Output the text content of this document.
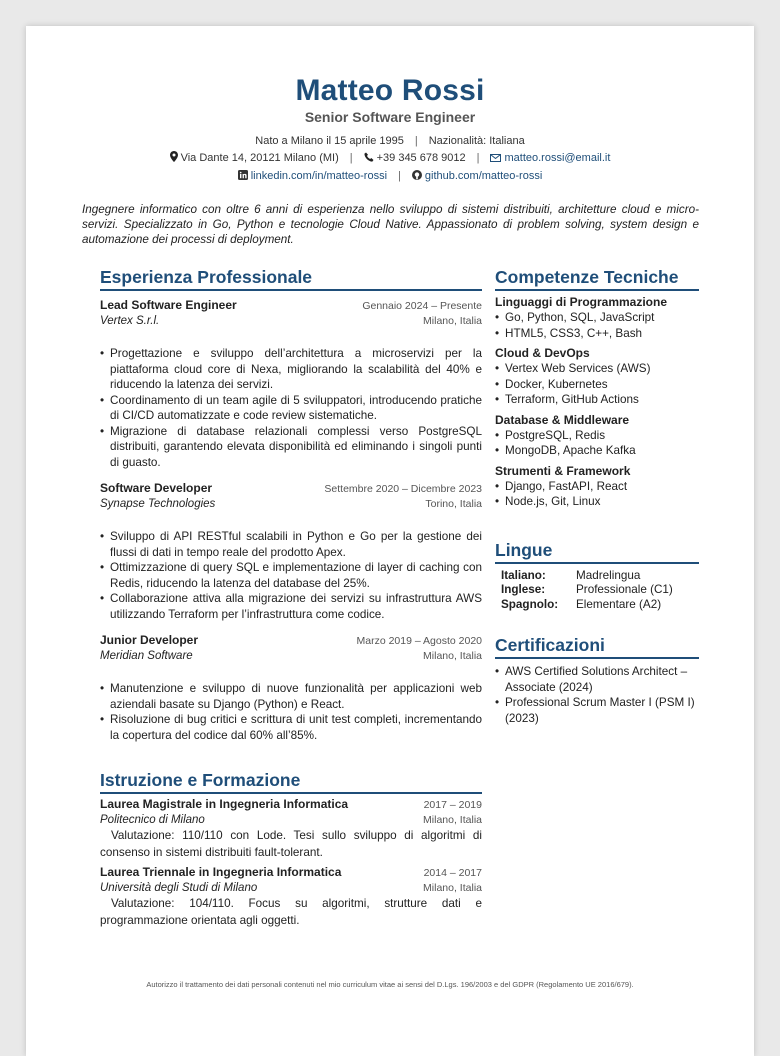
Matteo Rossi
Senior Software Engineer
Nato a Milano il 15 aprile 1995 | Nazionalità: Italiana
Via Dante 14, 20121 Milano (MI) | +39 345 678 9012 | matteo.rossi@email.it
linkedin.com/in/matteo-rossi | github.com/matteo-rossi
Ingegnere informatico con oltre 6 anni di esperienza nello sviluppo di sistemi distribuiti, architetture cloud e micro-servizi. Specializzato in Go, Python e tecnologie Cloud Native. Appassionato di problem solving, system design e automazione dei processi di deployment.
Esperienza Professionale
Lead Software Engineer	Gennaio 2024 – Presente
Vertex S.r.l.	Milano, Italia
• Progettazione e sviluppo dell’architettura a microservizi per la piattaforma cloud core di Nexa, migliorando la scalabilità del 40% e riducendo la latenza dei servizi.
• Coordinamento di un team agile di 5 sviluppatori, introducendo pratiche di CI/CD automatizzate e code review sistematiche.
• Migrazione di database relazionali complessi verso PostgreSQL distribuiti, garantendo elevata disponibilità ed eliminando i singoli punti di guasto.
Software Developer	Settembre 2020 – Dicembre 2023
Synapse Technologies	Torino, Italia
• Sviluppo di API RESTful scalabili in Python e Go per la gestione dei flussi di dati in tempo reale del prodotto Apex.
• Ottimizzazione di query SQL e implementazione di layer di caching con Redis, riducendo la latenza del database del 25%.
• Collaborazione attiva alla migrazione dei servizi su infrastruttura AWS utilizzando Terraform per l’infrastruttura come codice.
Junior Developer	Marzo 2019 – Agosto 2020
Meridian Software	Milano, Italia
• Manutenzione e sviluppo di nuove funzionalità per applicazioni web aziendali basate su Django (Python) e React.
• Risoluzione di bug critici e scrittura di unit test completi, incrementando la copertura del codice dal 60% all’85%.
Istruzione e Formazione
Laurea Magistrale in Ingegneria Informatica	2017 – 2019
Politecnico di Milano	Milano, Italia
Valutazione: 110/110 con Lode. Tesi sullo sviluppo di algoritmi di consenso in sistemi distribuiti fault-tolerant.
Laurea Triennale in Ingegneria Informatica	2014 – 2017
Università degli Studi di Milano	Milano, Italia
Valutazione: 104/110. Focus su algoritmi, strutture dati e programmazione orientata agli oggetti.
Competenze Tecniche
Linguaggi di Programmazione
• Go, Python, SQL, JavaScript
• HTML5, CSS3, C++, Bash
Cloud & DevOps
• Vertex Web Services (AWS)
• Docker, Kubernetes
• Terraform, GitHub Actions
Database & Middleware
• PostgreSQL, Redis
• MongoDB, Apache Kafka
Strumenti & Framework
• Django, FastAPI, React
• Node.js, Git, Linux
Lingue
Italiano:	Madrelingua
Inglese:	Professionale (C1)
Spagnolo:	Elementare (A2)
Certificazioni
• AWS Certified Solutions Architect – Associate (2024)
• Professional Scrum Master I (PSM I) (2023)
Autorizzo il trattamento dei dati personali contenuti nel mio curriculum vitae ai sensi del D.Lgs. 196/2003 e del GDPR (Regolamento UE 2016/679).
